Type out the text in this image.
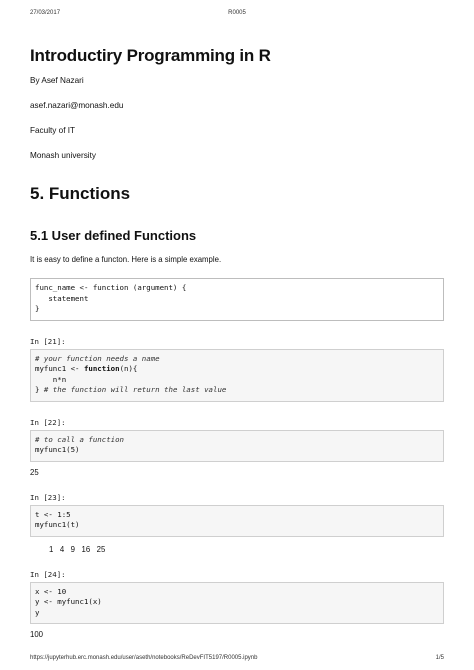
27/03/2017	R0005
Introductiry Programming in R

By Asef Nazari

asef.nazari@monash.edu

Faculty of IT

Monash university

5. Functions
5.1 User defined Functions

It is easy to define a functon. Here is a simple example.

func_name <- function (argument) {
statement
}
In [21]:
# your function needs a name
myfunc1 <- function(n){
n*n
} # the function will return the last value
In [22]:
# to call a function
myfunc1(5)
25
In [23]:
t <- 1:5
myfunc1(t)
1   4   9   16   25
In [24]:
x <- 10
y <- myfunc1(x)
y
100
https://jupyterhub.erc.monash.edu/user/aseth/notebooks/ReDevFIT5197/R0005.ipynb	1/5
